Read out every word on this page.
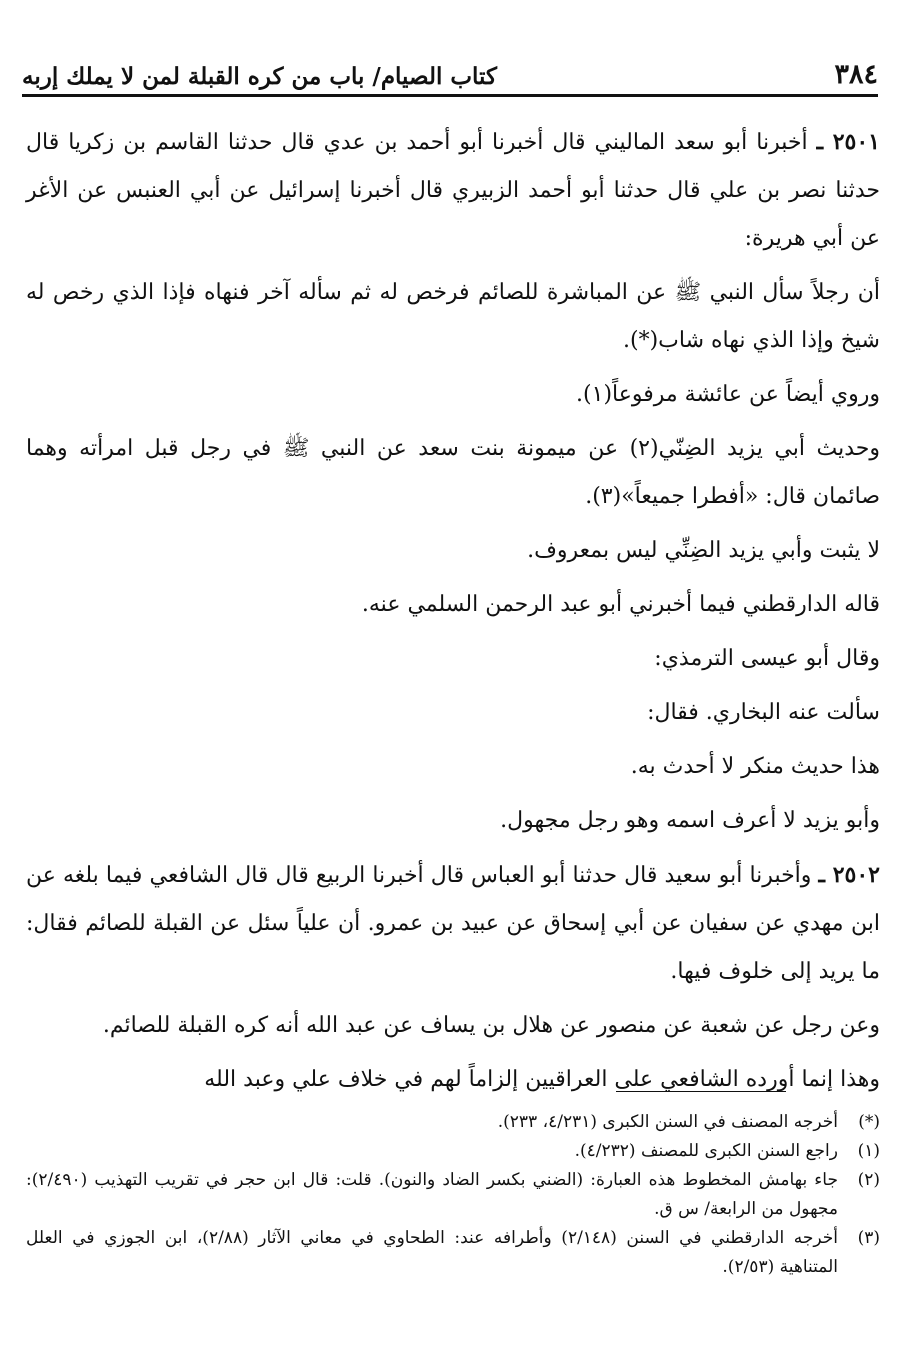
٣٨٤
كتاب الصيام/ باب من كره القبلة لمن لا يملك إربه

٢٥٠١ ـ أخبرنا أبو سعد الماليني قال أخبرنا أبو أحمد بن عدي قال حدثنا القاسم بن زكريا قال حدثنا نصر بن علي قال حدثنا أبو أحمد الزبيري قال أخبرنا إسرائيل عن أبي العنبس عن الأغر عن أبي هريرة:

أن رجلاً سأل النبي ﷺ عن المباشرة للصائم فرخص له ثم سأله آخر فنهاه فإذا الذي رخص له شيخ وإذا الذي نهاه شاب(*).

وروي أيضاً عن عائشة مرفوعاً(١).

وحديث أبي يزيد الضِنّي(٢) عن ميمونة بنت سعد عن النبي ﷺ في رجل قبل امرأته وهما صائمان قال: «أفطرا جميعاً»(٣).

لا يثبت وأبي يزيد الضِنِّي ليس بمعروف.

قاله الدارقطني فيما أخبرني أبو عبد الرحمن السلمي عنه.

وقال أبو عيسى الترمذي:

سألت عنه البخاري. فقال:

هذا حديث منكر لا أحدث به.

وأبو يزيد لا أعرف اسمه وهو رجل مجهول.

٢٥٠٢ ـ وأخبرنا أبو سعيد قال حدثنا أبو العباس قال أخبرنا الربيع قال قال الشافعي فيما بلغه عن ابن مهدي عن سفيان عن أبي إسحاق عن عبيد بن عمرو. أن علياً سئل عن القبلة للصائم فقال: ما يريد إلى خلوف فيها.

وعن رجل عن شعبة عن منصور عن هلال بن يساف عن عبد الله أنه كره القبلة للصائم.

وهذا إنما أورده الشافعي على العراقيين إلزاماً لهم في خلاف علي وعبد الله

(*)
أخرجه المصنف في السنن الكبرى (٤/٢٣١، ٢٣٣).

(١)
راجع السنن الكبرى للمصنف (٤/٢٣٢).

(٢)
جاء بهامش المخطوط هذه العبارة: (الضني بكسر الضاد والنون). قلت: قال ابن حجر في تقريب التهذيب (٢/٤٩٠): مجهول من الرابعة/ س ق.

(٣)
أخرجه الدارقطني في السنن (٢/١٤٨) وأطرافه عند: الطحاوي في معاني الآثار (٢/٨٨)، ابن الجوزي في العلل المتناهية (٢/٥٣).
